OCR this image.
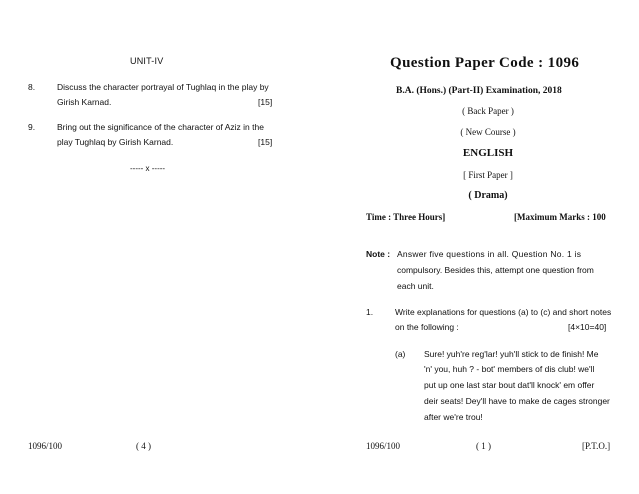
UNIT-IV
8.	Discuss the character portrayal of Tughlaq in the play by
Girish Karnad.	[15]
9.	Bring out the significance of the character of Aziz in the
play Tughlaq by Girish Karnad.	[15]
----- x -----
1096/100	( 4 )
Question Paper Code : 1096
B.A. (Hons.) (Part-II) Examination, 2018
( Back Paper )
( New Course )
ENGLISH
[ First Paper ]
( Drama)
Time : Three Hours]	[Maximum Marks : 100
Note : Answer five questions in all. Question No. 1 is
compulsory. Besides this, attempt one question from
each unit.
1.	Write explanations for questions (a) to (c) and short notes
on the following :	[4×10=40]
(a) Sure! yuh're reg'lar! yuh'll stick to de finish! Me
'n' you, huh ? - bot' members of dis club! we'll
put up one last star bout dat'll knock' em offer
deir seats! Dey'll have to make de cages stronger
after we're trou!
1096/100	( 1 )	[P.T.O.]
